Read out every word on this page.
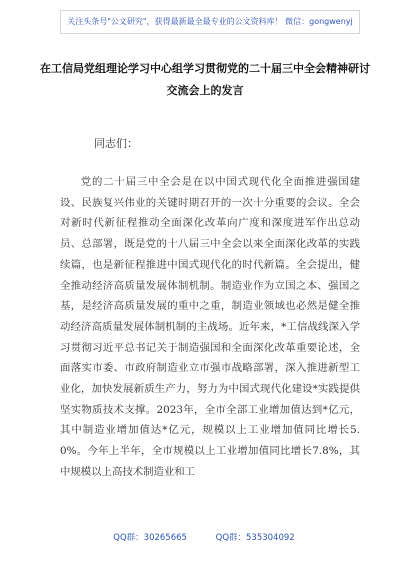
关注头条号"公文研究"，获得最新最全最专业的公文资料库！ 微信：gongwenyj
在工信局党组理论学习中心组学习贯彻党的二十届三中全会精神研讨交流会上的发言
同志们：

党的二十届三中全会是在以中国式现代化全面推进强国建设、民族复兴伟业的关键时期召开的一次十分重要的会议。全会对新时代新征程推动全面深化改革向广度和深度进军作出总动员、总部署，既是党的十八届三中全会以来全面深化改革的实践续篇，也是新征程推进中国式现代化的时代新篇。全会提出，健全推动经济高质量发展体制机制。制造业作为立国之本、强国之基，是经济高质量发展的重中之重，制造业领域也必然是健全推动经济高质量发展体制机制的主战场。近年来，*工信战线深入学习贯彻习近平总书记关于制造强国和全面深化改革重要论述，全面落实市委、市政府制造业立市强市战略部署，深入推进新型工业化，加快发展新质生产力，努力为中国式现代化建设*实践提供坚实物质技术支撑。2023年，全市全部工业增加值达到*亿元，其中制造业增加值达*亿元，规模以上工业增加值同比增长5.0%。今年上半年，全市规模以上工业增加值同比增长7.8%，其中规模以上高技术制造业和工

QQ群：30265665	QQ群：535304092
